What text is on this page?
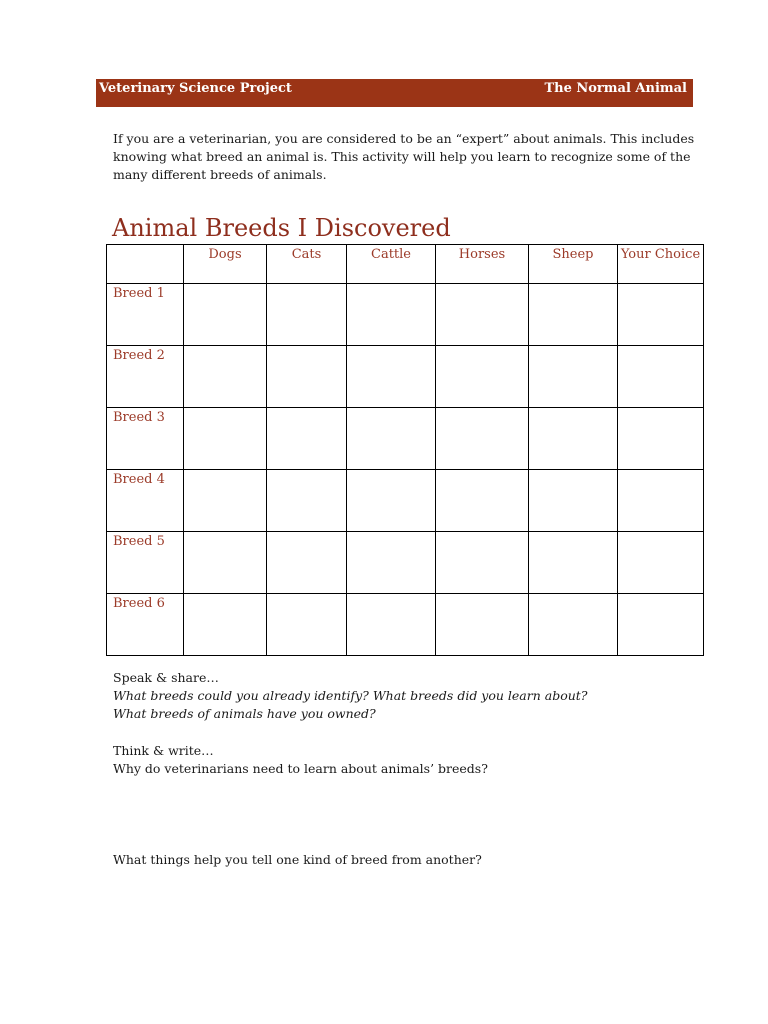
Veterinary Science Project	The Normal Animal

If you are a veterinarian, you are considered to be an “expert” about animals. This includes knowing what breed an animal is. This activity will help you learn to recognize some of the many different breeds of animals.

Animal Breeds I Discovered
	Dogs	Cats	Cattle	Horses	Sheep	Your Choice
Breed 1						
Breed 2						
Breed 3						
Breed 4						
Breed 5						
Breed 6						
Speak & share…
What breeds could you already identify? What breeds did you learn about?
What breeds of animals have you owned?
Think & write…
Why do veterinarians need to learn about animals’ breeds?
What things help you tell one kind of breed from another?
